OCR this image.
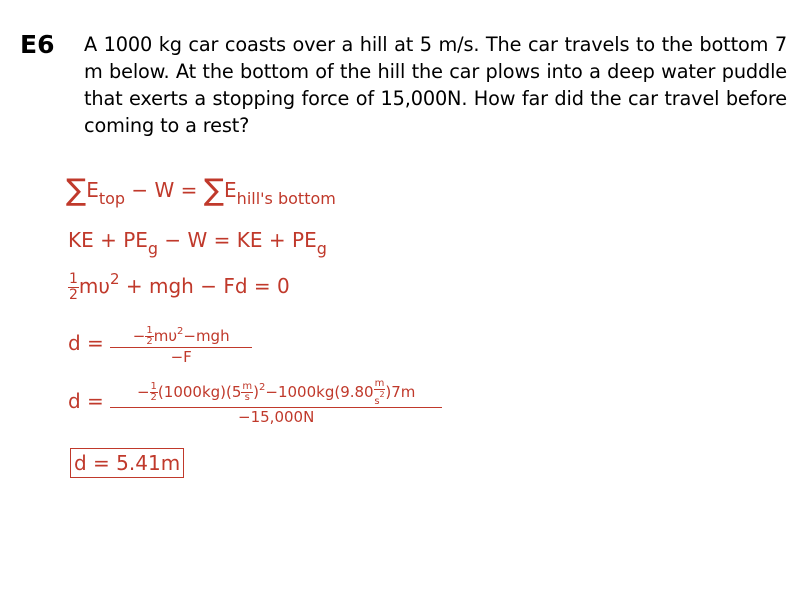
E6 A 1000 kg car coasts over a hill at 5 m/s. The car travels to the bottom 7 m below. At the bottom of the hill the car plows into a deep water puddle that exerts a stopping force of 15,000N. How far did the car travel before coming to a rest?
$\sum E_{top} - W = \sum E_{hill's bottom}$
KE + $PE_g - W$ = KE + $PE_g$
$\frac{1}{2} m\upsilon^2$ + mgh − Fd = 0
$d = \frac{- \frac{1}{2} m\upsilon^2-mgh}{-F}$
$d = \frac{- \frac{1}{2} (1000kg)(5 \frac{m}{s} )^2-1000kg(9.80 \frac{m}{s^2} )7m}{-15,000N}$
d = 5.41m
